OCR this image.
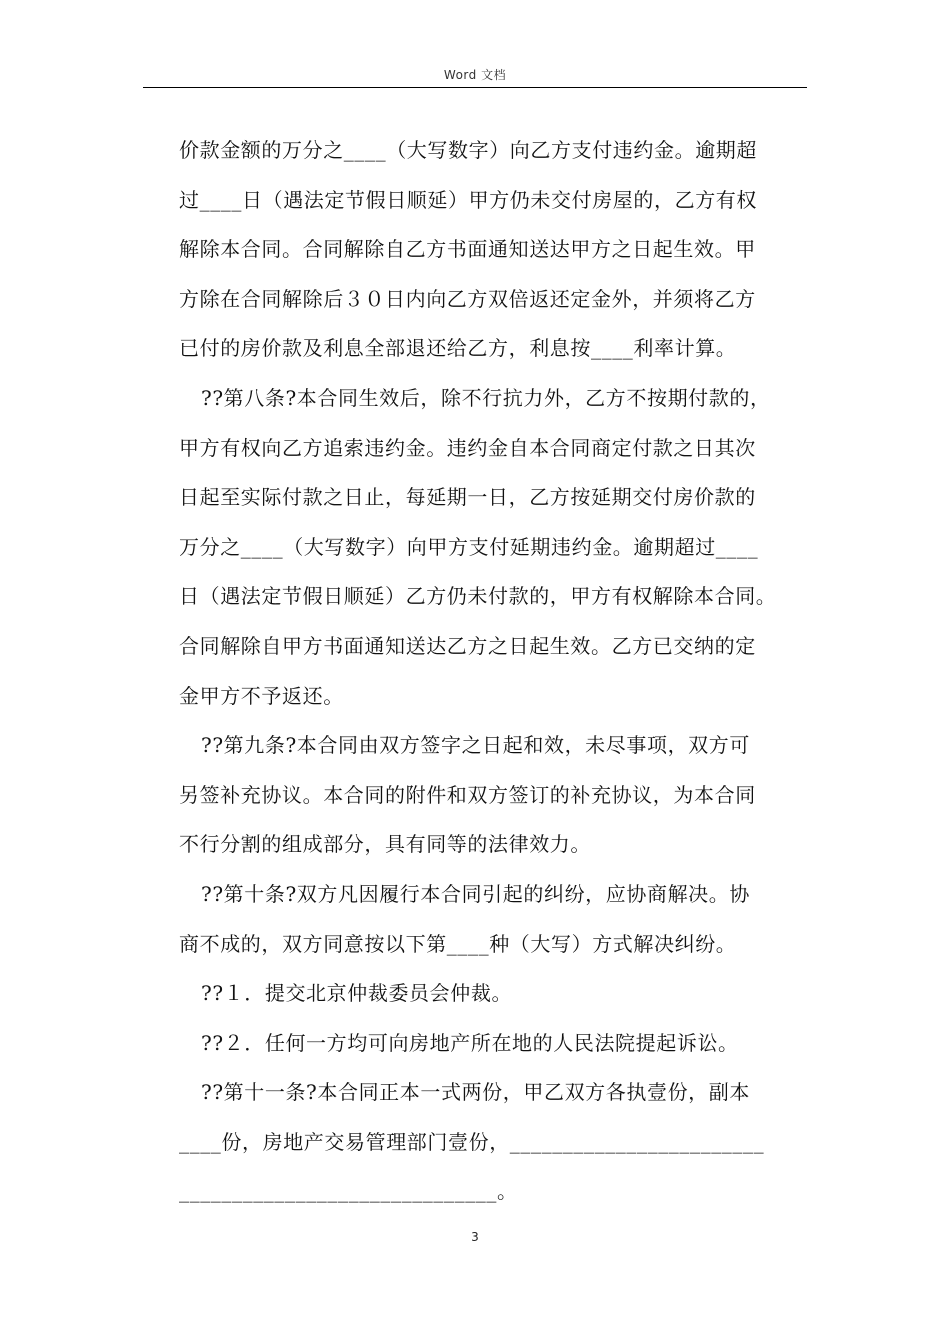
Word 文档
价款金额的万分之____（大写数字）向乙方支付违约金。逾期超
过____日（遇法定节假日顺延）甲方仍未交付房屋的，乙方有权
解除本合同。合同解除自乙方书面通知送达甲方之日起生效。甲
方除在合同解除后３０日内向乙方双倍返还定金外，并须将乙方
已付的房价款及利息全部退还给乙方，利息按____利率计算。
??第八条?本合同生效后，除不行抗力外，乙方不按期付款的，
甲方有权向乙方追索违约金。违约金自本合同商定付款之日其次
日起至实际付款之日止，每延期一日，乙方按延期交付房价款的
万分之____（大写数字）向甲方支付延期违约金。逾期超过____
日（遇法定节假日顺延）乙方仍未付款的，甲方有权解除本合同。
合同解除自甲方书面通知送达乙方之日起生效。乙方已交纳的定
金甲方不予返还。
??第九条?本合同由双方签字之日起和效，未尽事项，双方可
另签补充协议。本合同的附件和双方签订的补充协议，为本合同
不行分割的组成部分，具有同等的法律效力。
??第十条?双方凡因履行本合同引起的纠纷，应协商解决。协
商不成的，双方同意按以下第____种（大写）方式解决纠纷。
??１．提交北京仲裁委员会仲裁。
??２．任何一方均可向房地产所在地的人民法院提起诉讼。
??第十一条?本合同正本一式两份，甲乙双方各执壹份，副本
____份，房地产交易管理部门壹份，________________________
______________________________。
3
